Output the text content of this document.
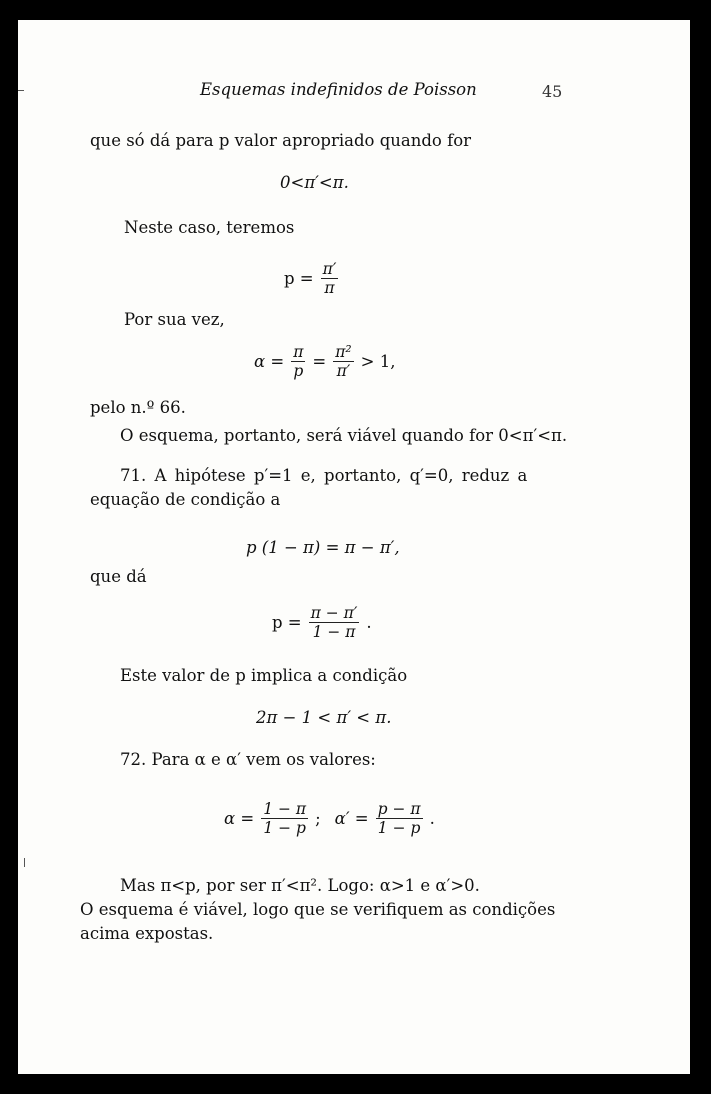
Esquemas indefinidos de Poisson	45
que só dá para p valor apropriado quando for
0<π′<π.
Neste caso, teremos
$p = \frac{\pi'}{\pi}$
Por sua vez,
$\alpha = \frac{\pi}{p} = \frac{\text{π²}}{\pi'} > 1$,
pelo n.º 66.
O esquema, portanto, será viável quando for 0<π′<π.
71. A hipótese p′=1 e, portanto, q′=0, reduz a
equação de condição a
p (1 − π) = π − π′,
que dá
$p = \frac{\pi - \pi'}{1 - \pi}$ .
Este valor de p implica a condição
2π − 1 < π′ < π.
72. Para α e α′ vem os valores:
$\alpha = \frac{1 - \pi}{1 - p}$ ; $\alpha' = \frac{p - \pi}{1 - p}$ .
Mas π<p, por ser π′<π². Logo: α>1 e α′>0.
O esquema é viável, logo que se verifiquem as condições
acima expostas.
